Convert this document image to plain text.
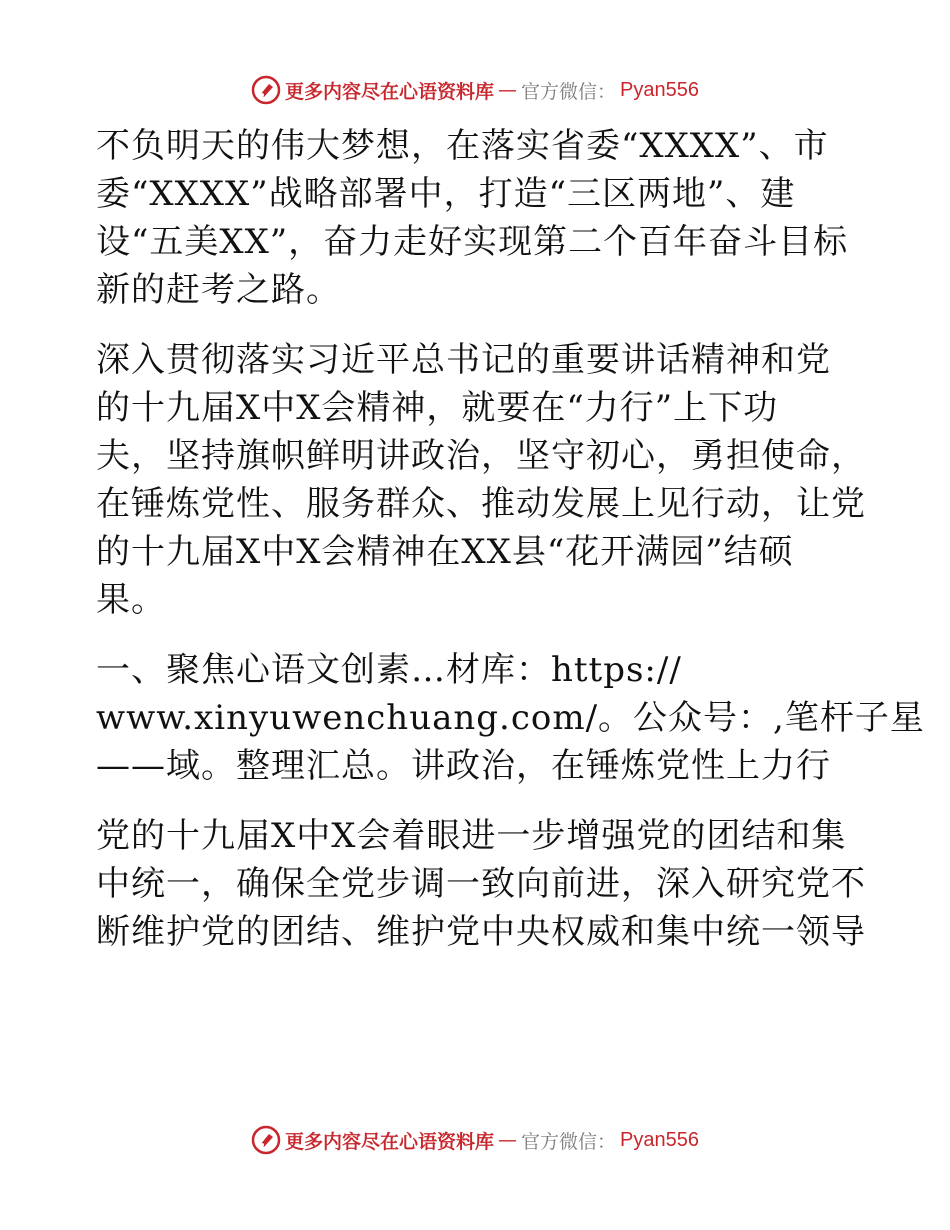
更多内容尽在心语资料库 — 官方微信： Pyan556
不负明天的伟大梦想，在落实省委“XXXX”、市
委“XXXX”战略部署中，打造“三区两地”、建
设“五美XX”，奋力走好实现第二个百年奋斗目标
新的赶考之路。
深入贯彻落实习近平总书记的重要讲话精神和党
的十九届X中X会精神，就要在“力行”上下功
夫，坚持旗帜鲜明讲政治，坚守初心，勇担使命，
在锤炼党性、服务群众、推动发展上见行动，让党
的十九届X中X会精神在XX县“花开满园”结硕
果。
一、聚焦心语文创素…材库：https://
www.xinyuwenchuang.com/。公众号：,笔杆子星
——域。整理汇总。讲政治，在锤炼党性上力行
党的十九届X中X会着眼进一步增强党的团结和集
中统一，确保全党步调一致向前进，深入研究党不
断维护党的团结、维护党中央权威和集中统一领导
更多内容尽在心语资料库 — 官方微信： Pyan556
